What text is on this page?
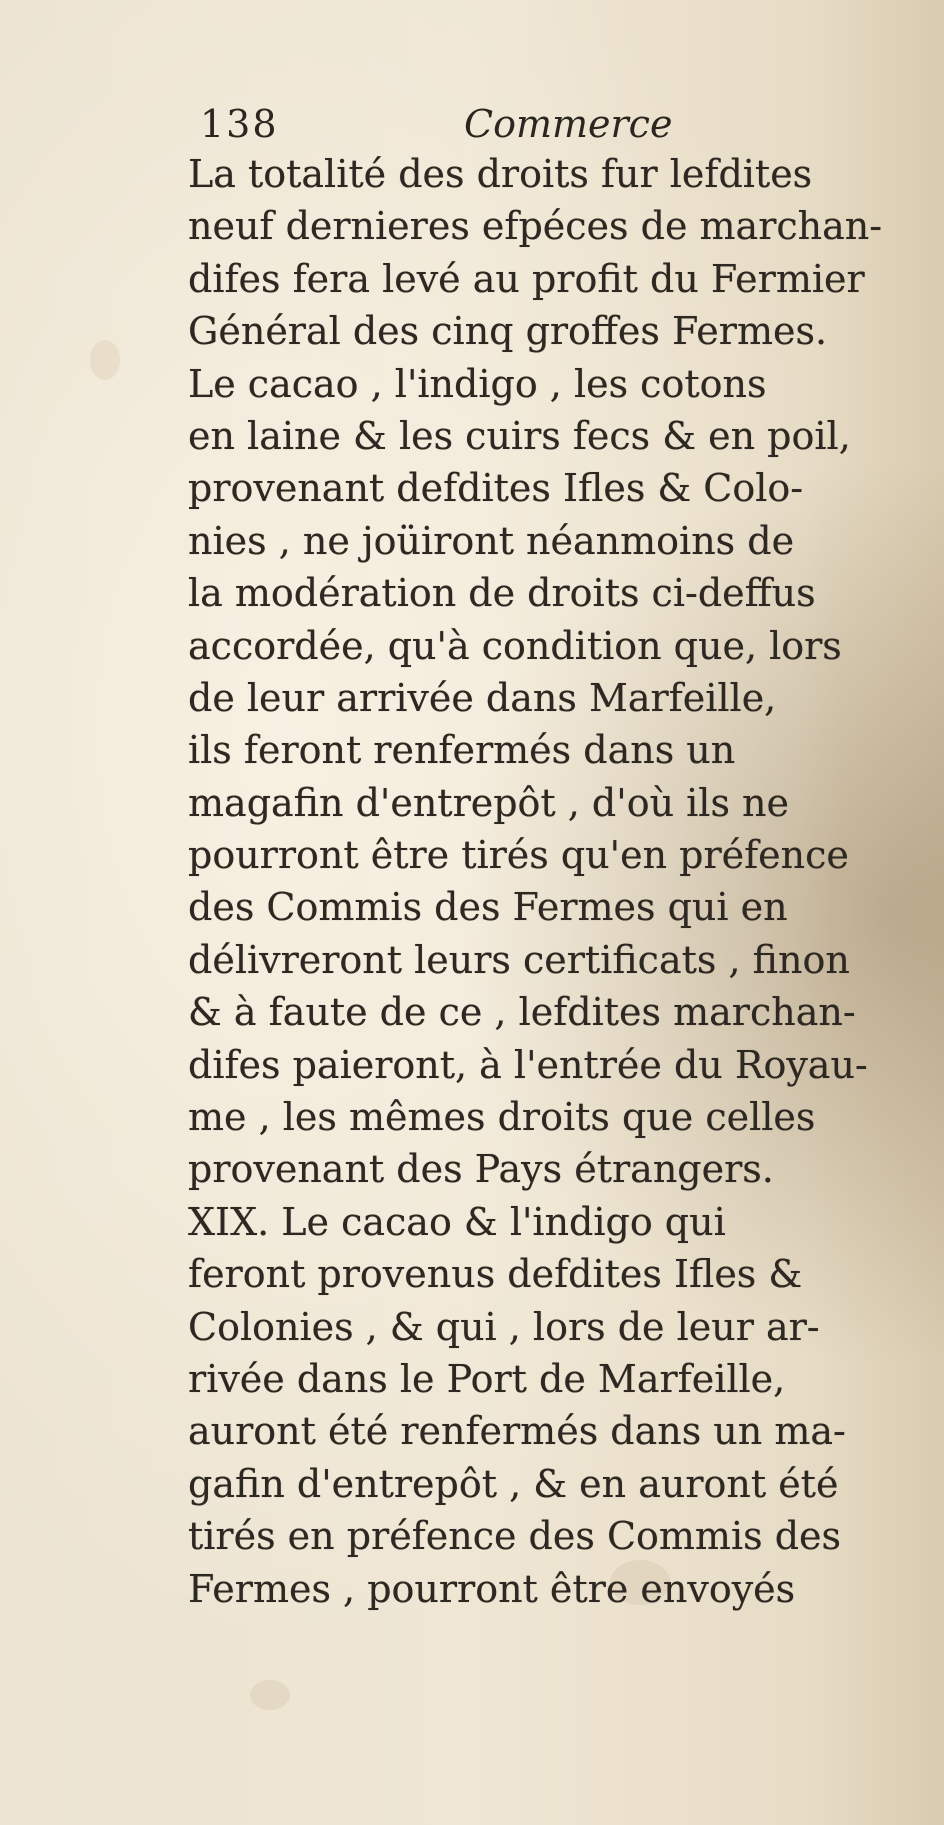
138	Commerce
La totalité des droits fur lefdites
neuf dernieres efpéces de marchan-
difes fera levé au profit du Fermier
Général des cinq groffes Fermes.
Le cacao , l'indigo , les cotons
en laine & les cuirs fecs & en poil,
provenant defdites Ifles & Colo-
nies , ne joüiront néanmoins de
la modération de droits ci-deffus
accordée, qu'à condition que, lors
de leur arrivée dans Marfeille,
ils feront renfermés dans un
magafin d'entrepôt , d'où ils ne
pourront être tirés qu'en préfence
des Commis des Fermes qui en
délivreront leurs certificats , finon
& à faute de ce , lefdites marchan-
difes paieront, à l'entrée du Royau-
me , les mêmes droits que celles
provenant des Pays étrangers.
XIX. Le cacao & l'indigo qui
feront provenus defdites Ifles &
Colonies , & qui , lors de leur ar-
rivée dans le Port de Marfeille,
auront été renfermés dans un ma-
gafin d'entrepôt , & en auront été
tirés en préfence des Commis des
Fermes , pourront être envoyés
